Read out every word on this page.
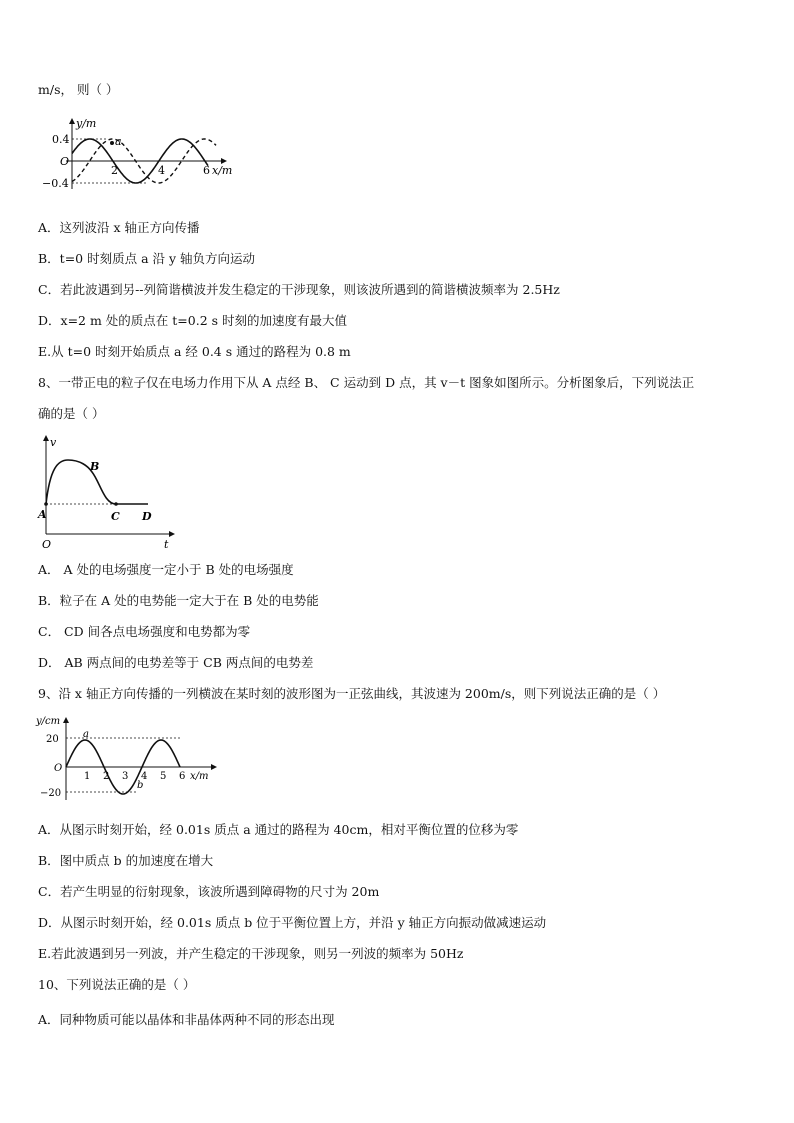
m/s， 则（ ）
a
y/m
0.4
O
−0.4
2	4	6 x/m
A．这列波沿 x 轴正方向传播
B．t=0 时刻质点 a 沿 y 轴负方向运动
C．若此波遇到另--列简谐横波并发生稳定的干涉现象，则该波所遇到的简谐横波频率为 2.5Hz
D．x=2 m 处的质点在 t=0.2 s 时刻的加速度有最大值
E.从 t=0 时刻开始质点 a 经 0.4 s 通过的路程为 0.8 m
8、一带正电的粒子仅在电场力作用下从 A 点经 B、 C 运动到 D 点，其 v－t 图象如图所示。分析图象后，下列说法正
确的是（ ）
v
t
O
A
B
C D
A． A 处的电场强度一定小于 B 处的电场强度
B．粒子在 A 处的电势能一定大于在 B 处的电势能
C． CD 间各点电场强度和电势都为零
D． AB 两点间的电势差等于 CB 两点间的电势差
9、沿 x 轴正方向传播的一列横波在某时刻的波形图为一正弦曲线，其波速为 200m/s，则下列说法正确的是（ ）
y/cm
20
O
−20
1 2 3 4 5 6 x/m
a
b
A．从图示时刻开始，经 0.01s 质点 a 通过的路程为 40cm，相对平衡位置的位移为零
B．图中质点 b 的加速度在增大
C．若产生明显的衍射现象，该波所遇到障碍物的尺寸为 20m
D．从图示时刻开始，经 0.01s 质点 b 位于平衡位置上方，并沿 y 轴正方向振动做减速运动
E.若此波遇到另一列波，并产生稳定的干涉现象，则另一列波的频率为 50Hz
10、下列说法正确的是（ ）
A．同种物质可能以晶体和非晶体两种不同的形态出现
